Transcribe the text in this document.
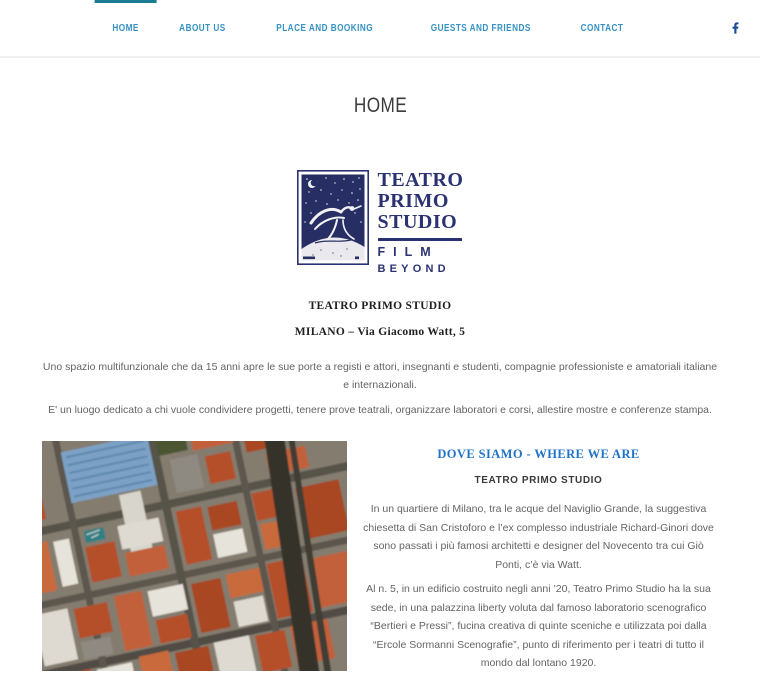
HOME	ABOUT US	PLACE AND BOOKING	GUESTS AND FRIENDS	CONTACT
HOME
TEATRO
PRIMO
STUDIO
FILM
BEYOND

TEATRO PRIMO STUDIO

MILANO – Via Giacomo Watt, 5

Uno spazio multifunzionale che da 15 anni apre le sue porte a registi e attori, insegnanti e studenti, compagnie professioniste e amatoriali italiane e internazionali.

E' un luogo dedicato a chi vuole condividere progetti, tenere prove teatrali, organizzare laboratori e corsi, allestire mostre e conferenze stampa.

DOVE SIAMO - WHERE WE ARE
TEATRO PRIMO STUDIO

In un quartiere di Milano, tra le acque del Naviglio Grande, la suggestiva chiesetta di San Cristoforo e l’ex complesso industriale Richard-Ginori dove sono passati i più famosi architetti e designer del Novecento tra cui Giò Ponti, c’è via Watt.

Al n. 5, in un edificio costruito negli anni ’20, Teatro Primo Studio ha la sua sede, in una palazzina liberty voluta dal famoso laboratorio scenografico “Bertieri e Pressi”, fucina creativa di quinte sceniche e utilizzata poi dalla “Ercole Sormanni Scenografie”, punto di riferimento per i teatri di tutto il mondo dal lontano 1920.
